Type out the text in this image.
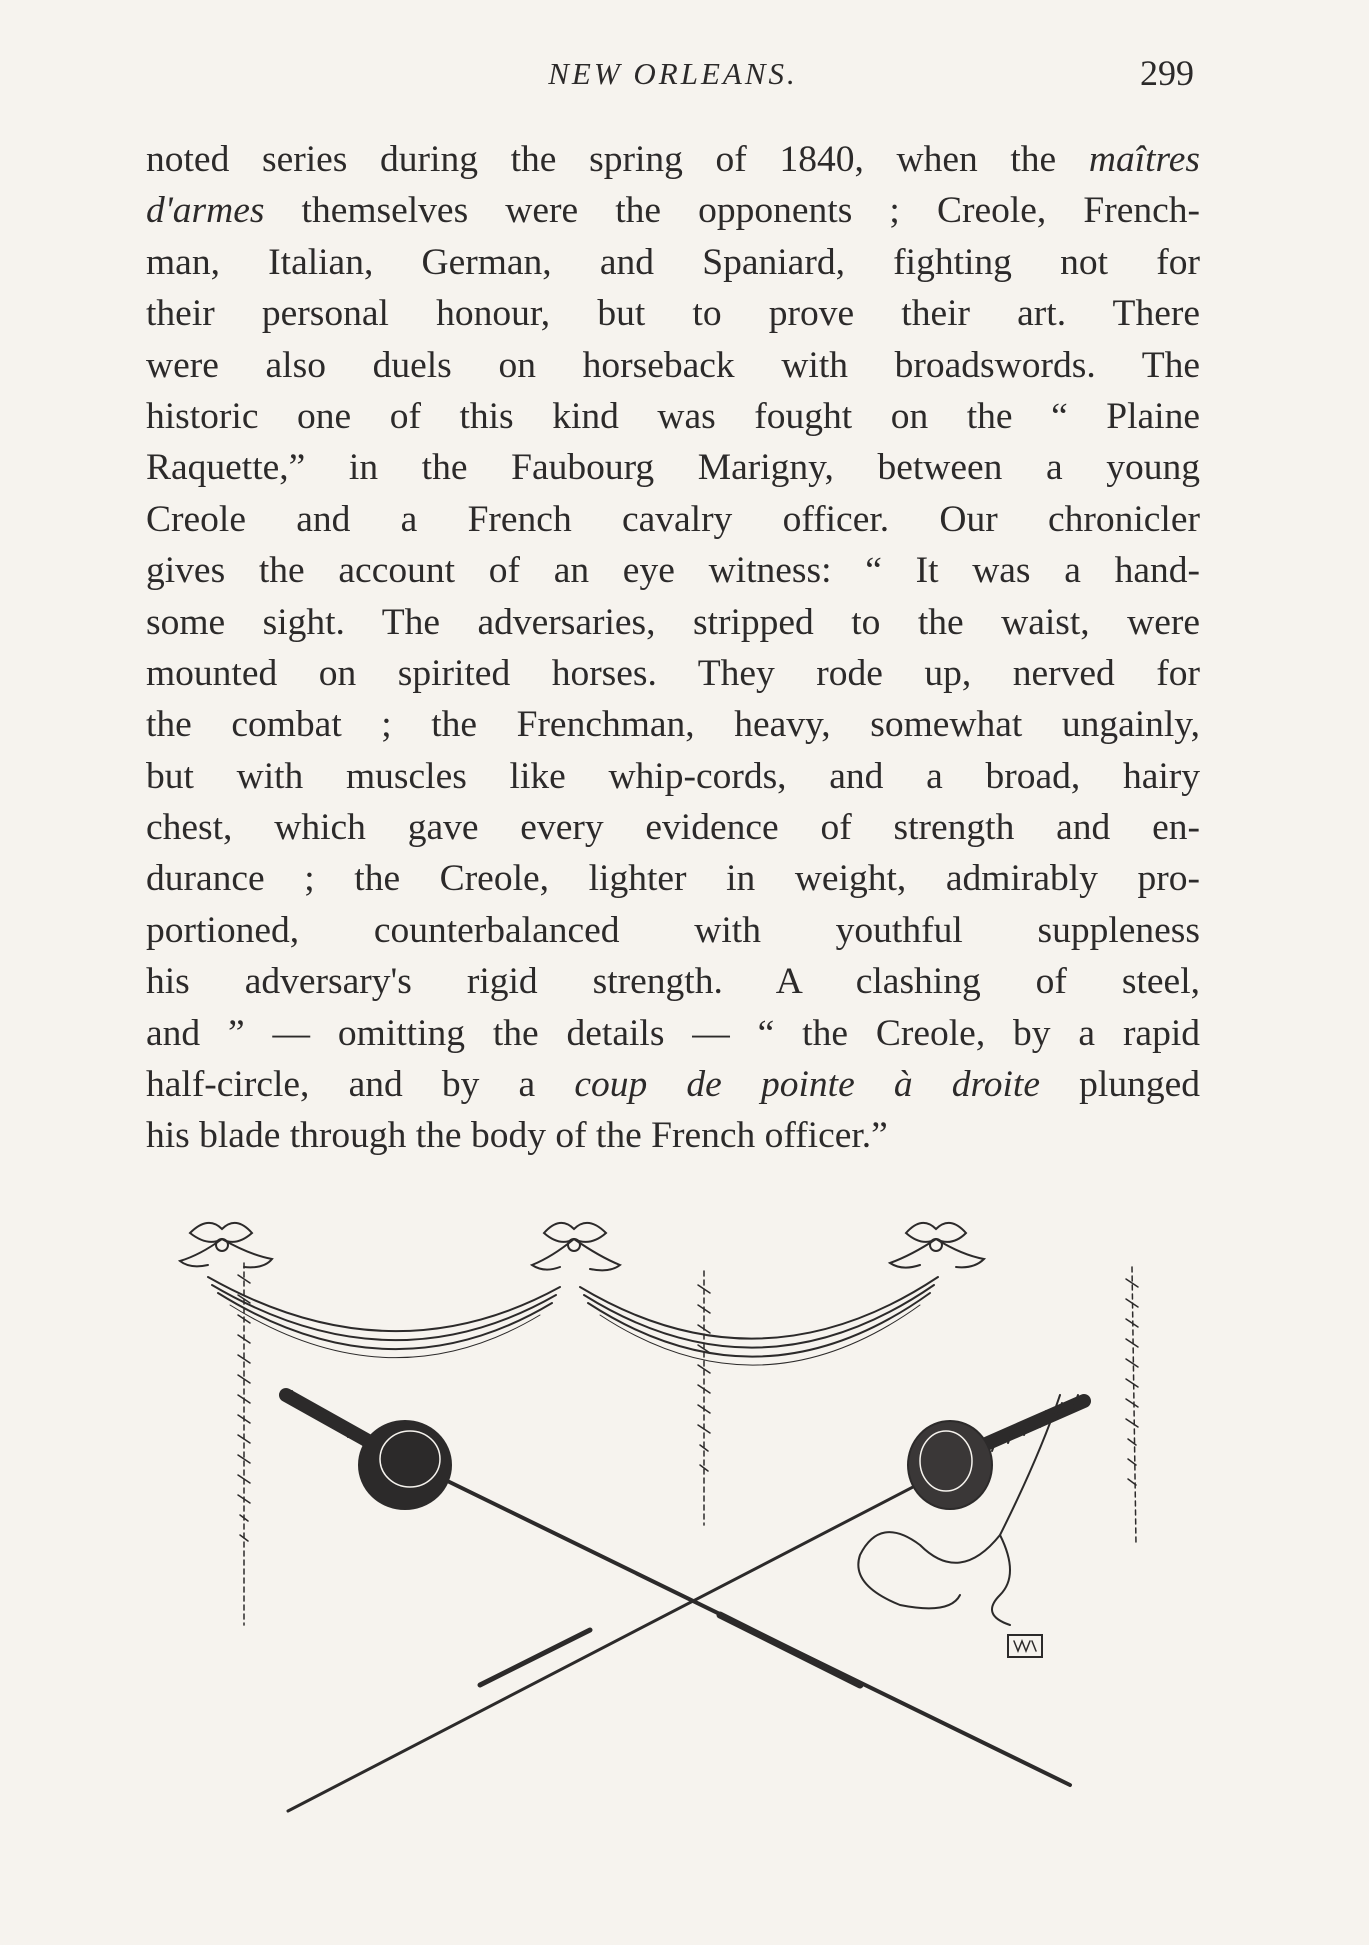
NEW ORLEANS.	299
noted series during the spring of 1840, when the maîtres
d'armes themselves were the opponents ; Creole, French-
man, Italian, German, and Spaniard, fighting not for
their personal honour, but to prove their art. There
were also duels on horseback with broadswords. The
historic one of this kind was fought on the “ Plaine
Raquette,” in the Faubourg Marigny, between a young
Creole and a French cavalry officer. Our chronicler
gives the account of an eye witness: “ It was a hand-
some sight. The adversaries, stripped to the waist, were
mounted on spirited horses. They rode up, nerved for
the combat ; the Frenchman, heavy, somewhat ungainly,
but with muscles like whip-cords, and a broad, hairy
chest, which gave every evidence of strength and en-
durance ; the Creole, lighter in weight, admirably pro-
portioned, counterbalanced with youthful suppleness
his adversary's rigid strength. A clashing of steel,
and ” — omitting the details — “ the Creole, by a rapid
half-circle, and by a coup de pointe à droite plunged
his blade through the body of the French officer.”
